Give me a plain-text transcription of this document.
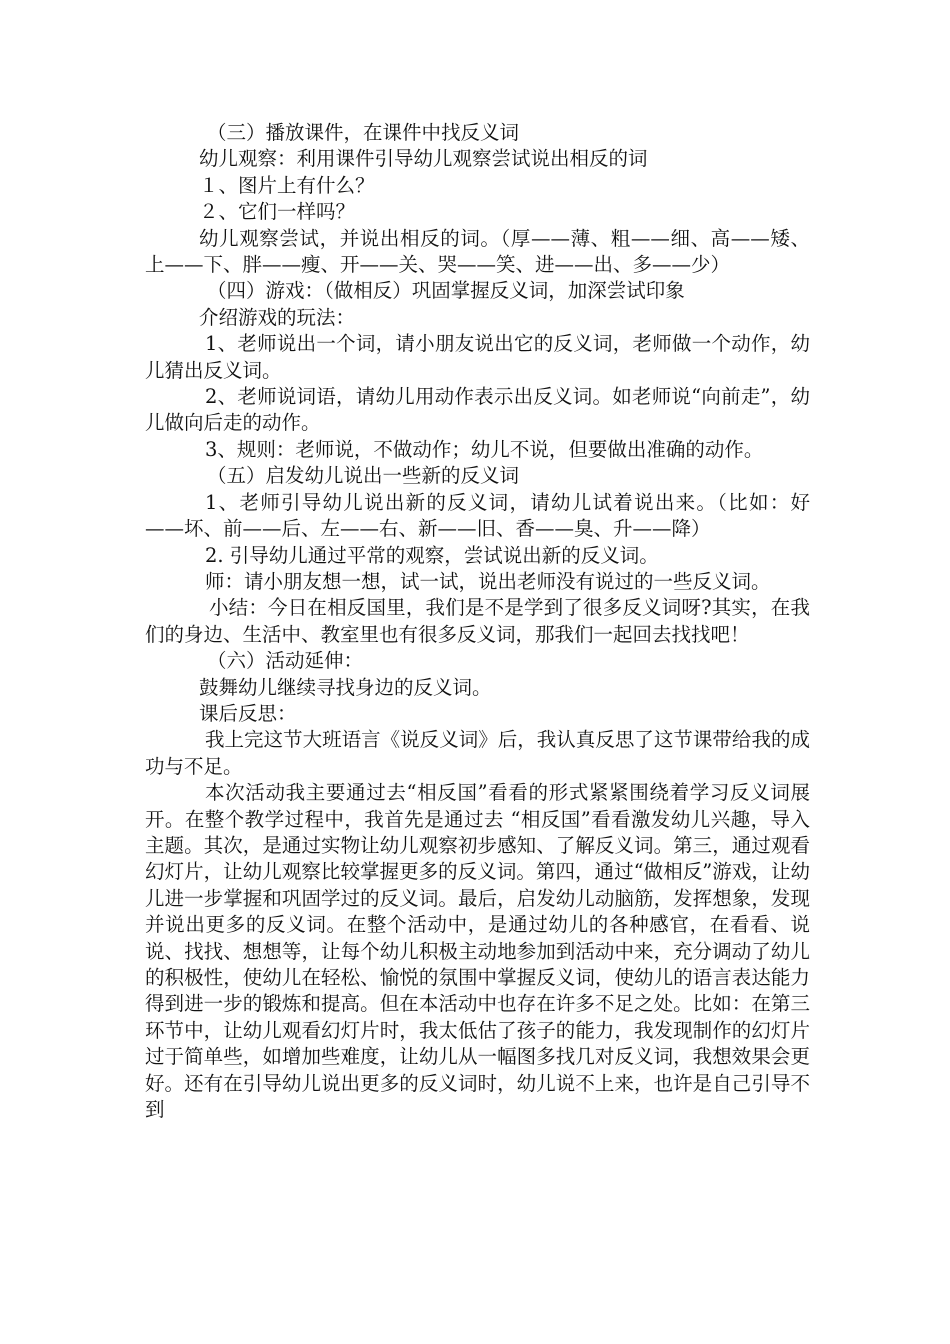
（三）播放课件，在课件中找反义词

幼儿观察：利用课件引导幼儿观察尝试说出相反的词

１、图片上有什么？

２、它们一样吗？

幼儿观察尝试，并说出相反的词。（厚——薄、粗——细、高——矮、上——下、胖——瘦、开——关、哭——笑、进——出、多——少）

（四）游戏：（做相反）巩固掌握反义词，加深尝试印象

介绍游戏的玩法：

1、老师说出一个词，请小朋友说出它的反义词，老师做一个动作，幼儿猜出反义词。

2、老师说词语，请幼儿用动作表示出反义词。如老师说“向前走”，幼儿做向后走的动作。

3、规则：老师说，不做动作；幼儿不说，但要做出准确的动作。

（五）启发幼儿说出一些新的反义词

1、老师引导幼儿说出新的反义词，请幼儿试着说出来。（比如：好——坏、前——后、左——右、新——旧、香——臭、升——降）

2. 引导幼儿通过平常的观察，尝试说出新的反义词。

师：请小朋友想一想，试一试，说出老师没有说过的一些反义词。

小结：今日在相反国里，我们是不是学到了很多反义词呀?其实，在我们的身边、生活中、教室里也有很多反义词，那我们一起回去找找吧！

（六）活动延伸：

鼓舞幼儿继续寻找身边的反义词。

课后反思：

我上完这节大班语言《说反义词》后，我认真反思了这节课带给我的成功与不足。

本次活动我主要通过去“相反国”看看的形式紧紧围绕着学习反义词展开。在整个教学过程中，我首先是通过去 “相反国”看看激发幼儿兴趣，导入主题。其次，是通过实物让幼儿观察初步感知、了解反义词。第三，通过观看幻灯片，让幼儿观察比较掌握更多的反义词。第四，通过“做相反”游戏，让幼儿进一步掌握和巩固学过的反义词。最后，启发幼儿动脑筋，发挥想象，发现并说出更多的反义词。在整个活动中，是通过幼儿的各种感官，在看看、说说、找找、想想等，让每个幼儿积极主动地参加到活动中来，充分调动了幼儿的积极性，使幼儿在轻松、愉悦的氛围中掌握反义词，使幼儿的语言表达能力得到进一步的锻炼和提高。但在本活动中也存在许多不足之处。比如：在第三环节中，让幼儿观看幻灯片时，我太低估了孩子的能力，我发现制作的幻灯片过于简单些，如增加些难度，让幼儿从一幅图多找几对反义词，我想效果会更好。还有在引导幼儿说出更多的反义词时，幼儿说不上来，也许是自己引导不到
